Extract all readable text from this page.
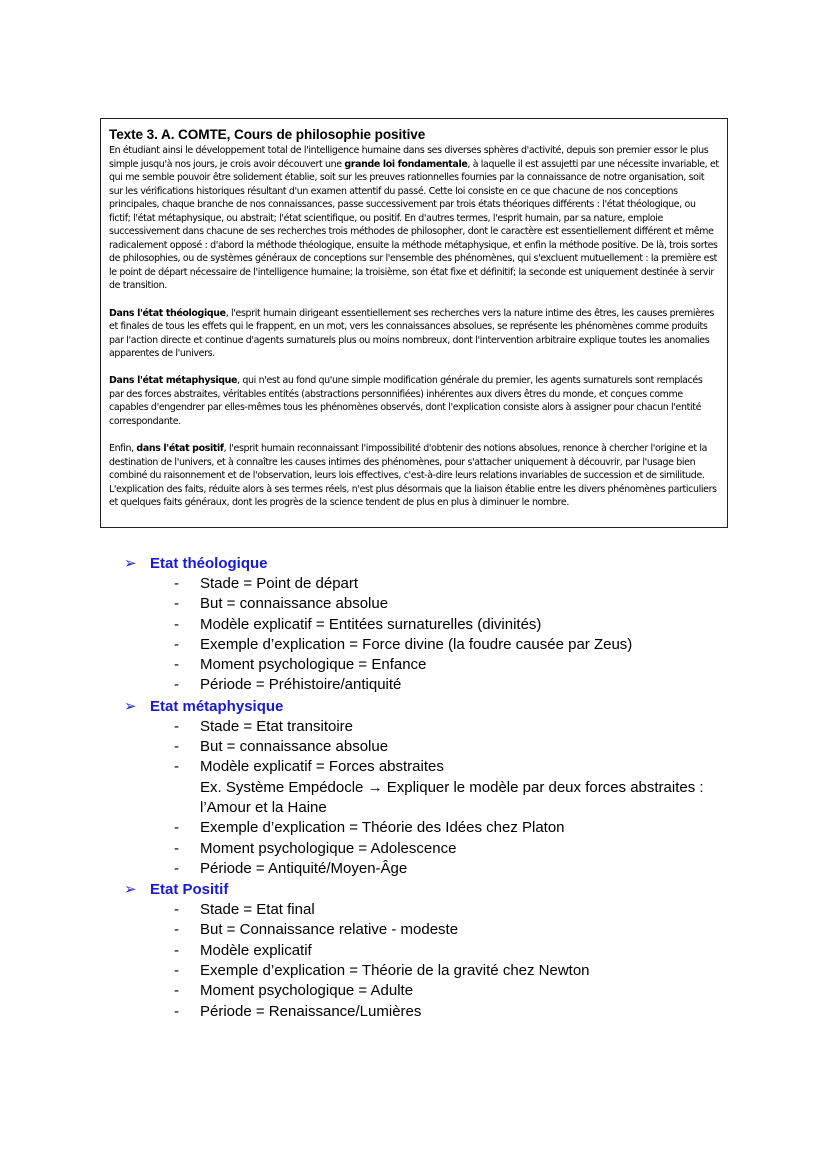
Texte 3. A. COMTE, Cours de philosophie positive

En étudiant ainsi le développement total de l'intelligence humaine dans ses diverses sphères d'activité, depuis son premier essor le plus simple jusqu'à nos jours, je crois avoir découvert une grande loi fondamentale, à laquelle il est assujetti par une nécessite invariable, et qui me semble pouvoir être solidement établie, soit sur les preuves rationnelles fournies par la connaissance de notre organisation, soit sur les vérifications historiques résultant d'un examen attentif du passé. Cette loi consiste en ce que chacune de nos conceptions principales, chaque branche de nos connaissances, passe successivement par trois états théoriques différents : l'état théologique, ou fictif; l'état métaphysique, ou abstrait; l'état scientifique, ou positif. En d'autres termes, l'esprit humain, par sa nature, emploie successivement dans chacune de ses recherches trois méthodes de philosopher, dont le caractère est essentiellement différent et même radicalement opposé : d'abord la méthode théologique, ensuite la méthode métaphysique, et enfin la méthode positive. De là, trois sortes de philosophies, ou de systèmes généraux de conceptions sur l'ensemble des phénomènes, qui s'excluent mutuellement : la première est le point de départ nécessaire de l'intelligence humaine; la troisième, son état fixe et définitif; la seconde est uniquement destinée à servir de transition.

Dans l'état théologique, l'esprit humain dirigeant essentiellement ses recherches vers la nature intime des êtres, les causes premières et finales de tous les effets qui le frappent, en un mot, vers les connaissances absolues, se représente les phénomènes comme produits par l'action directe et continue d'agents surnaturels plus ou moins nombreux, dont l'intervention arbitraire explique toutes les anomalies apparentes de l'univers.

Dans l'état métaphysique, qui n'est au fond qu'une simple modification générale du premier, les agents surnaturels sont remplacés par des forces abstraites, véritables entités (abstractions personnifiées) inhérentes aux divers êtres du monde, et conçues comme capables d'engendrer par elles-mêmes tous les phénomènes observés, dont l'explication consiste alors à assigner pour chacun l'entité correspondante.

Enfin, dans l'état positif, l'esprit humain reconnaissant l'impossibilité d'obtenir des notions absolues, renonce à chercher l'origine et la destination de l'univers, et à connaître les causes intimes des phénomènes, pour s'attacher uniquement à découvrir, par l'usage bien combiné du raisonnement et de l'observation, leurs lois effectives, c'est-à-dire leurs relations invariables de succession et de similitude. L'explication des faits, réduite alors à ses termes réels, n'est plus désormais que la liaison établie entre les divers phénomènes particuliers et quelques faits généraux, dont les progrès de la science tendent de plus en plus à diminuer le nombre.

➢ Etat théologique
- Stade = Point de départ
- But = connaissance absolue
- Modèle explicatif = Entitées surnaturelles (divinités)
- Exemple d’explication = Force divine (la foudre causée par Zeus)
- Moment psychologique = Enfance
- Période = Préhistoire/antiquité
➢ Etat métaphysique
- Stade = Etat transitoire
- But = connaissance absolue
- Modèle explicatif = Forces abstraites
Ex. Système Empédocle → Expliquer le modèle par deux forces abstraites :
l’Amour et la Haine
- Exemple d’explication = Théorie des Idées chez Platon
- Moment psychologique = Adolescence
- Période = Antiquité/Moyen-Âge
➢ Etat Positif
- Stade = Etat final
- But = Connaissance relative - modeste
- Modèle explicatif
- Exemple d’explication = Théorie de la gravité chez Newton
- Moment psychologique = Adulte
- Période = Renaissance/Lumières
